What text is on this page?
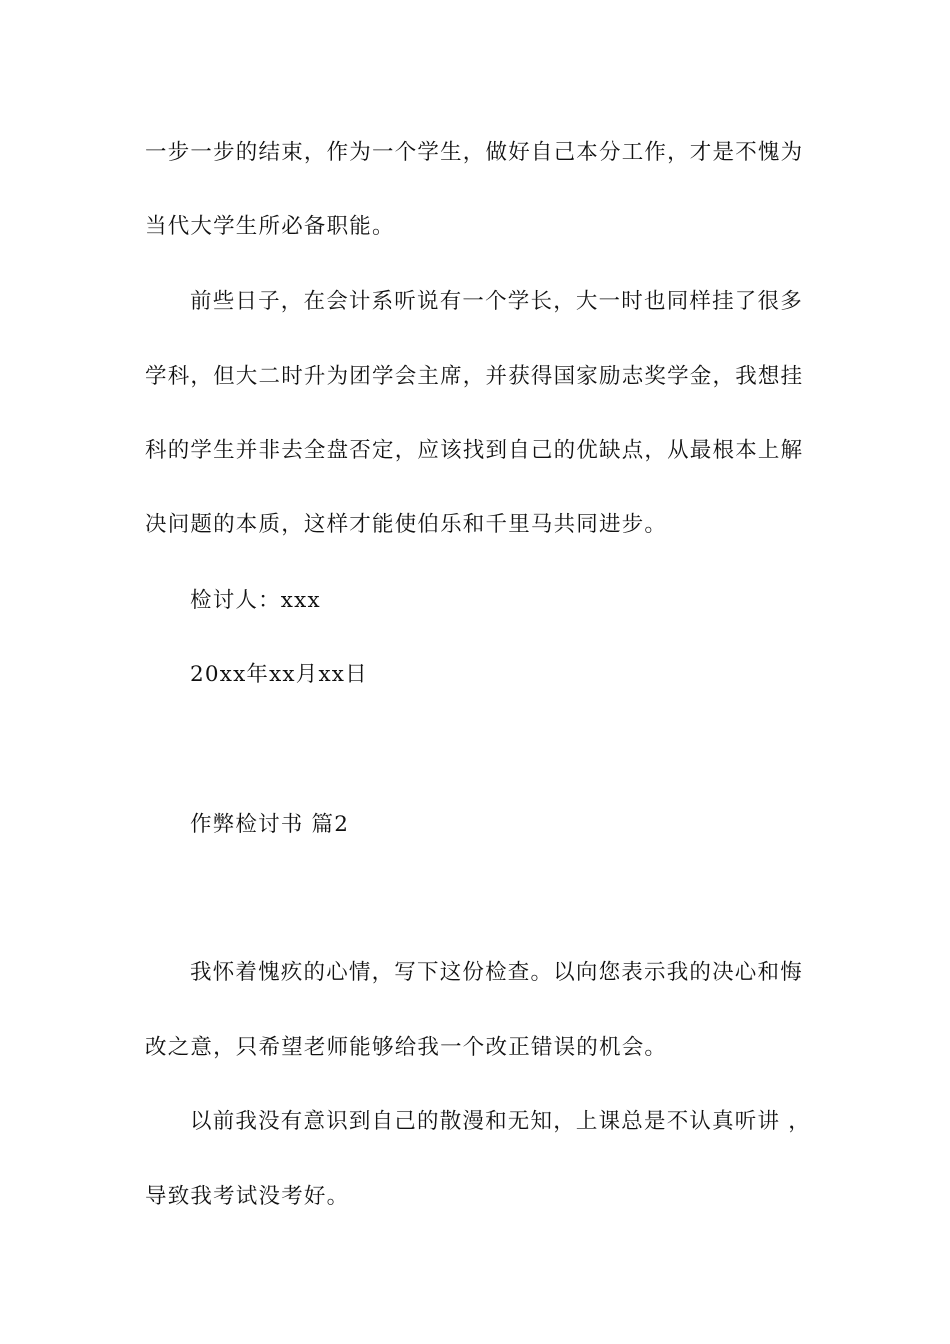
一步一步的结束，作为一个学生，做好自己本分工作，才是不愧为
当代大学生所必备职能。
前些日子，在会计系听说有一个学长，大一时也同样挂了很多
学科，但大二时升为团学会主席，并获得国家励志奖学金，我想挂
科的学生并非去全盘否定，应该找到自己的优缺点，从最根本上解
决问题的本质，这样才能使伯乐和千里马共同进步。
检讨人：xxx
20xx年xx月xx日
作弊检讨书 篇2
我怀着愧疚的心情，写下这份检查。以向您表示我的决心和悔
改之意，只希望老师能够给我一个改正错误的机会。
以前我没有意识到自己的散漫和无知，上课总是不认真听讲 ，
导致我考试没考好。
